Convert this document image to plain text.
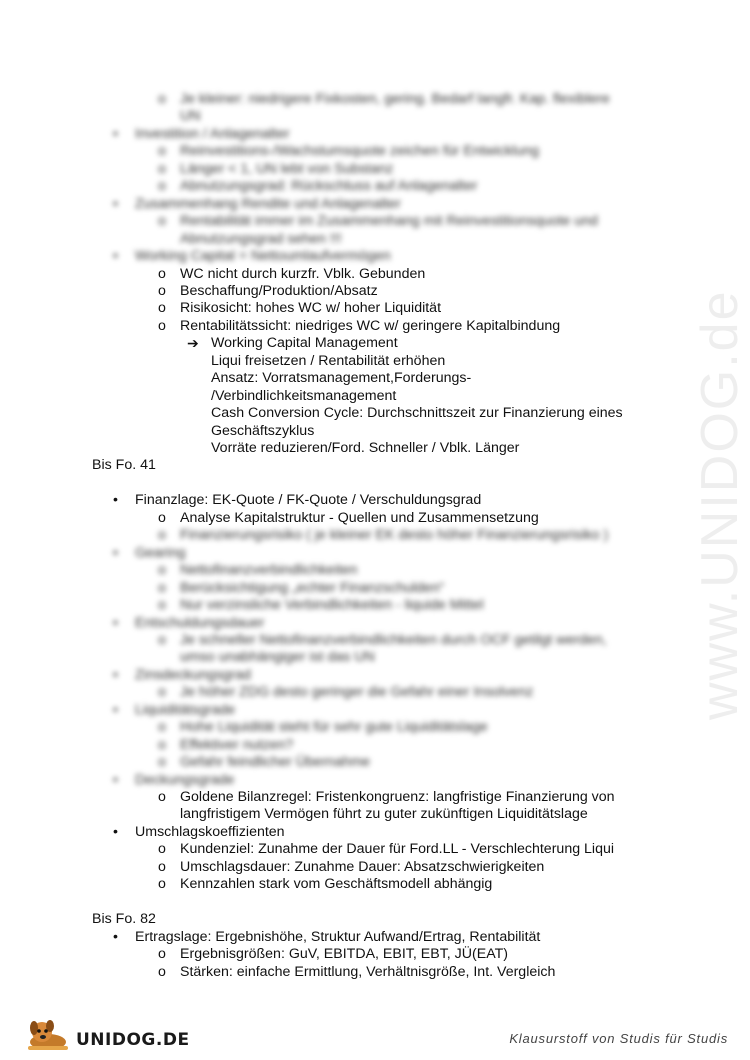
o Je kleiner: niedrigere Fixkosten, gering. Bedarf langfr. Kap. flexiblere
UN
• Investition / Anlagenalter
o Reinvestitions-/Wachstumsquote zeichen für Entwicklung
o Länger < 1, UN lebt von Substanz
o Abnutzungsgrad: Rückschluss auf Anlagenalter
• Zusammenhang Rendite und Anlagenalter
o Rentabilität immer im Zusammenhang mit Reinvestitionsquote und
Abnutzungsgrad sehen !!!
• Working Capital = Nettoumlaufvermögen
o WC nicht durch kurzfr. Vblk. Gebunden
o Beschaffung/Produktion/Absatz
o Risikosicht: hohes WC w/ hoher Liquidität
o Rentabilitätssicht: niedriges WC w/ geringere Kapitalbindung
➔ Working Capital Management
Liqui freisetzen / Rentabilität erhöhen
Ansatz: Vorratsmanagement,Forderungs-
/Verbindlichkeitsmanagement
Cash Conversion Cycle: Durchschnittszeit zur Finanzierung eines
Geschäftszyklus
Vorräte reduzieren/Ford. Schneller / Vblk. Länger
Bis Fo. 41
• Finanzlage: EK-Quote / FK-Quote / Verschuldungsgrad
o Analyse Kapitalstruktur - Quellen und Zusammensetzung
o Finanzierungsrisiko ( je kleiner EK desto höher Finanzierungsrisiko )
• Gearing
o Nettofinanzverbindlichkeiten
o Berücksichtigung „echter Finanzschulden“
o Nur verzinsliche Verbindlichkeiten - liquide Mittel
• Entschuldungsdauer
o Je schneller Nettofinanzverbindlichkeiten durch OCF getilgt werden,
umso unabhängiger ist das UN
• Zinsdeckungsgrad
o Je höher ZDG desto geringer die Gefahr einer Insolvenz
• Liquiditätsgrade
o Hohe Liquidität steht für sehr gute Liquiditätslage
o Effektiver nutzen?
o Gefahr feindlicher Übernahme
• Deckungsgrade
o Goldene Bilanzregel: Fristenkongruenz: langfristige Finanzierung von
langfristigem Vermögen führt zu guter zukünftigen Liquiditätslage
• Umschlagskoeffizienten
o Kundenziel: Zunahme der Dauer für Ford.LL - Verschlechterung Liqui
o Umschlagsdauer: Zunahme Dauer: Absatzschwierigkeiten
o Kennzahlen stark vom Geschäftsmodell abhängig
Bis Fo. 82
• Ertragslage: Ergebnishöhe, Struktur Aufwand/Ertrag, Rentabilität
o Ergebnisgrößen: GuV, EBITDA, EBIT, EBT, JÜ(EAT)
o Stärken: einfache Ermittlung, Verhältnisgröße, Int. Vergleich
www.UNIDOG.de
UNIDOG.DE	Klausurstoff von Studis für Studis
